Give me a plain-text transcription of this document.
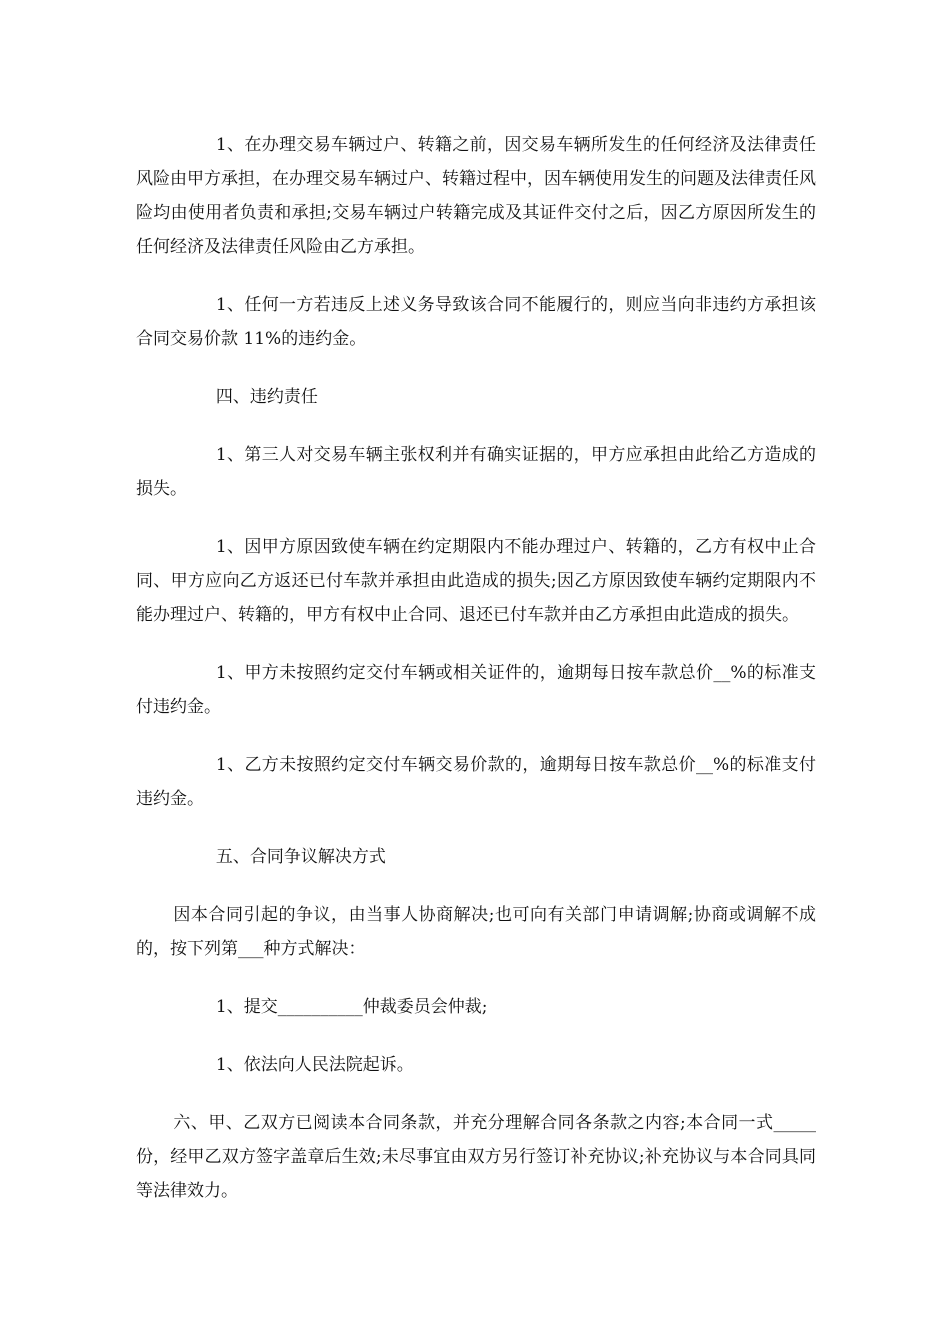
1、在办理交易车辆过户、转籍之前，因交易车辆所发生的任何经济及法律责任风险由甲方承担，在办理交易车辆过户、转籍过程中，因车辆使用发生的问题及法律责任风险均由使用者负责和承担;交易车辆过户转籍完成及其证件交付之后，因乙方原因所发生的任何经济及法律责任风险由乙方承担。

1、任何一方若违反上述义务导致该合同不能履行的，则应当向非违约方承担该合同交易价款 11%的违约金。

四、违约责任

1、第三人对交易车辆主张权利并有确实证据的，甲方应承担由此给乙方造成的损失。

1、因甲方原因致使车辆在约定期限内不能办理过户、转籍的，乙方有权中止合同、甲方应向乙方返还已付车款并承担由此造成的损失;因乙方原因致使车辆约定期限内不能办理过户、转籍的，甲方有权中止合同、退还已付车款并由乙方承担由此造成的损失。

1、甲方未按照约定交付车辆或相关证件的，逾期每日按车款总价__%的标准支付违约金。

1、乙方未按照约定交付车辆交易价款的，逾期每日按车款总价__%的标准支付违约金。

五、合同争议解决方式

因本合同引起的争议，由当事人协商解决;也可向有关部门申请调解;协商或调解不成的，按下列第___种方式解决：

1、提交__________仲裁委员会仲裁;

1、依法向人民法院起诉。

六、甲、乙双方已阅读本合同条款，并充分理解合同各条款之内容;本合同一式_____份，经甲乙双方签字盖章后生效;未尽事宜由双方另行签订补充协议;补充协议与本合同具同等法律效力。
